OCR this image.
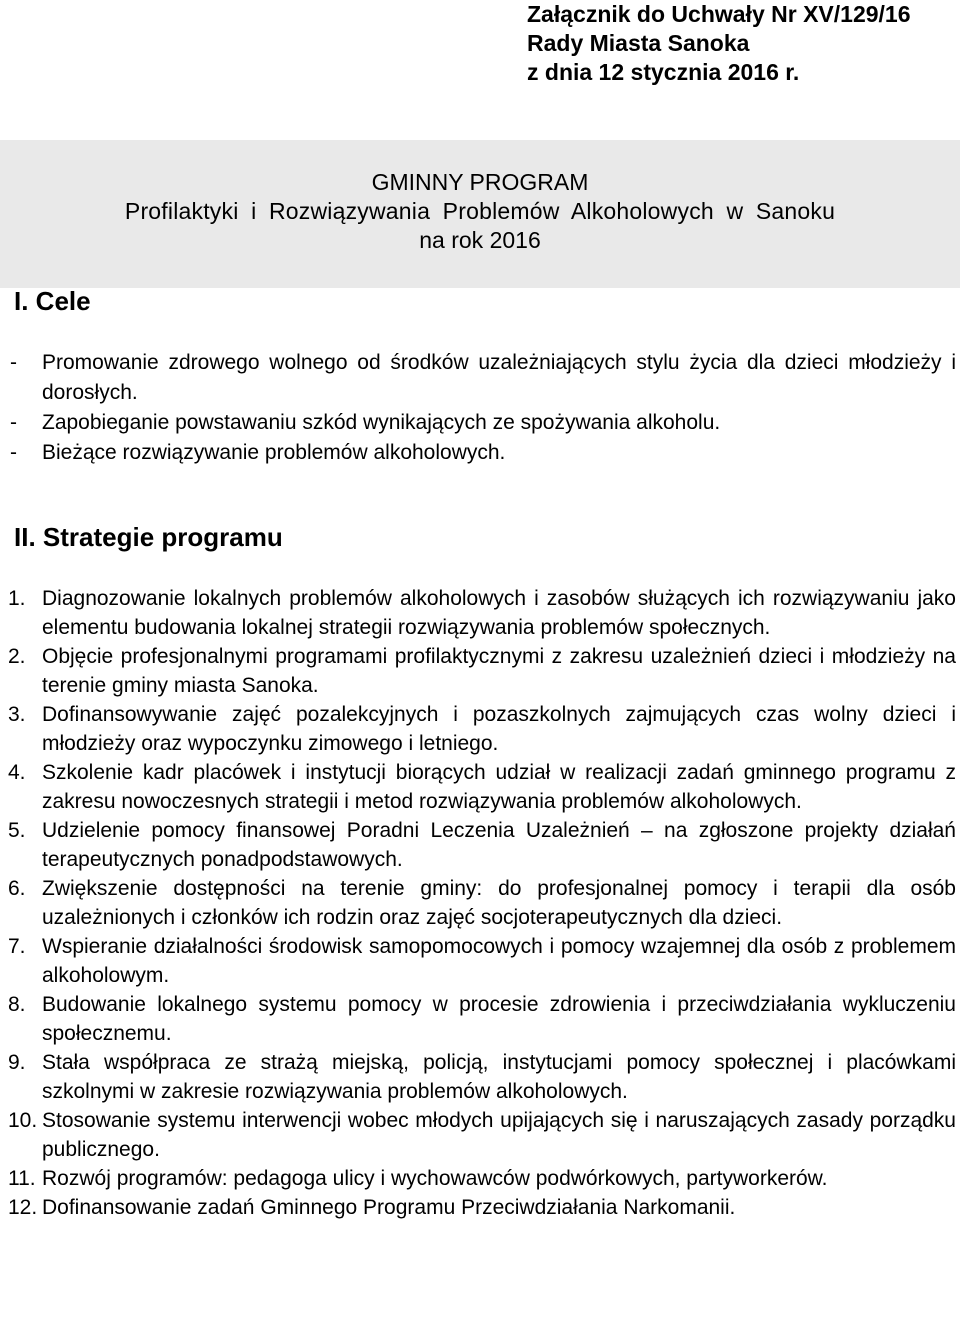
Załącznik do Uchwały Nr XV/129/16
Rady Miasta Sanoka
z dnia 12 stycznia 2016 r.
GMINNY PROGRAM
Profilaktyki i Rozwiązywania Problemów Alkoholowych w Sanoku
na rok 2016
I. Cele
- Promowanie zdrowego wolnego od środków uzależniających stylu życia dla dzieci młodzieży i dorosłych.
- Zapobieganie powstawaniu szkód wynikających ze spożywania alkoholu.
- Bieżące rozwiązywanie problemów alkoholowych.
II. Strategie programu
1. Diagnozowanie lokalnych problemów alkoholowych i zasobów służących ich rozwiązywaniu jako elementu budowania lokalnej strategii rozwiązywania problemów społecznych.
2. Objęcie profesjonalnymi programami profilaktycznymi z zakresu uzależnień dzieci i młodzieży na terenie gminy miasta Sanoka.
3. Dofinansowywanie zajęć pozalekcyjnych i pozaszkolnych zajmujących czas wolny dzieci i młodzieży oraz wypoczynku zimowego i letniego.
4. Szkolenie kadr placówek i instytucji biorących udział w realizacji zadań gminnego programu z zakresu nowoczesnych strategii i metod rozwiązywania problemów alkoholowych.
5. Udzielenie pomocy finansowej Poradni Leczenia Uzależnień – na zgłoszone projekty działań terapeutycznych ponadpodstawowych.
6. Zwiększenie dostępności na terenie gminy: do profesjonalnej pomocy i terapii dla osób uzależnionych i członków ich rodzin oraz zajęć socjoterapeutycznych dla dzieci.
7. Wspieranie działalności środowisk samopomocowych i pomocy wzajemnej dla osób z problemem alkoholowym.
8. Budowanie lokalnego systemu pomocy w procesie zdrowienia i przeciwdziałania wykluczeniu społecznemu.
9. Stała współpraca ze strażą miejską, policją, instytucjami pomocy społecznej i placówkami szkolnymi w zakresie rozwiązywania problemów alkoholowych.
10. Stosowanie systemu interwencji wobec młodych upijających się i naruszających zasady porządku publicznego.
11. Rozwój programów: pedagoga ulicy i wychowawców podwórkowych, partyworkerów.
12. Dofinansowanie zadań Gminnego Programu Przeciwdziałania Narkomanii.
